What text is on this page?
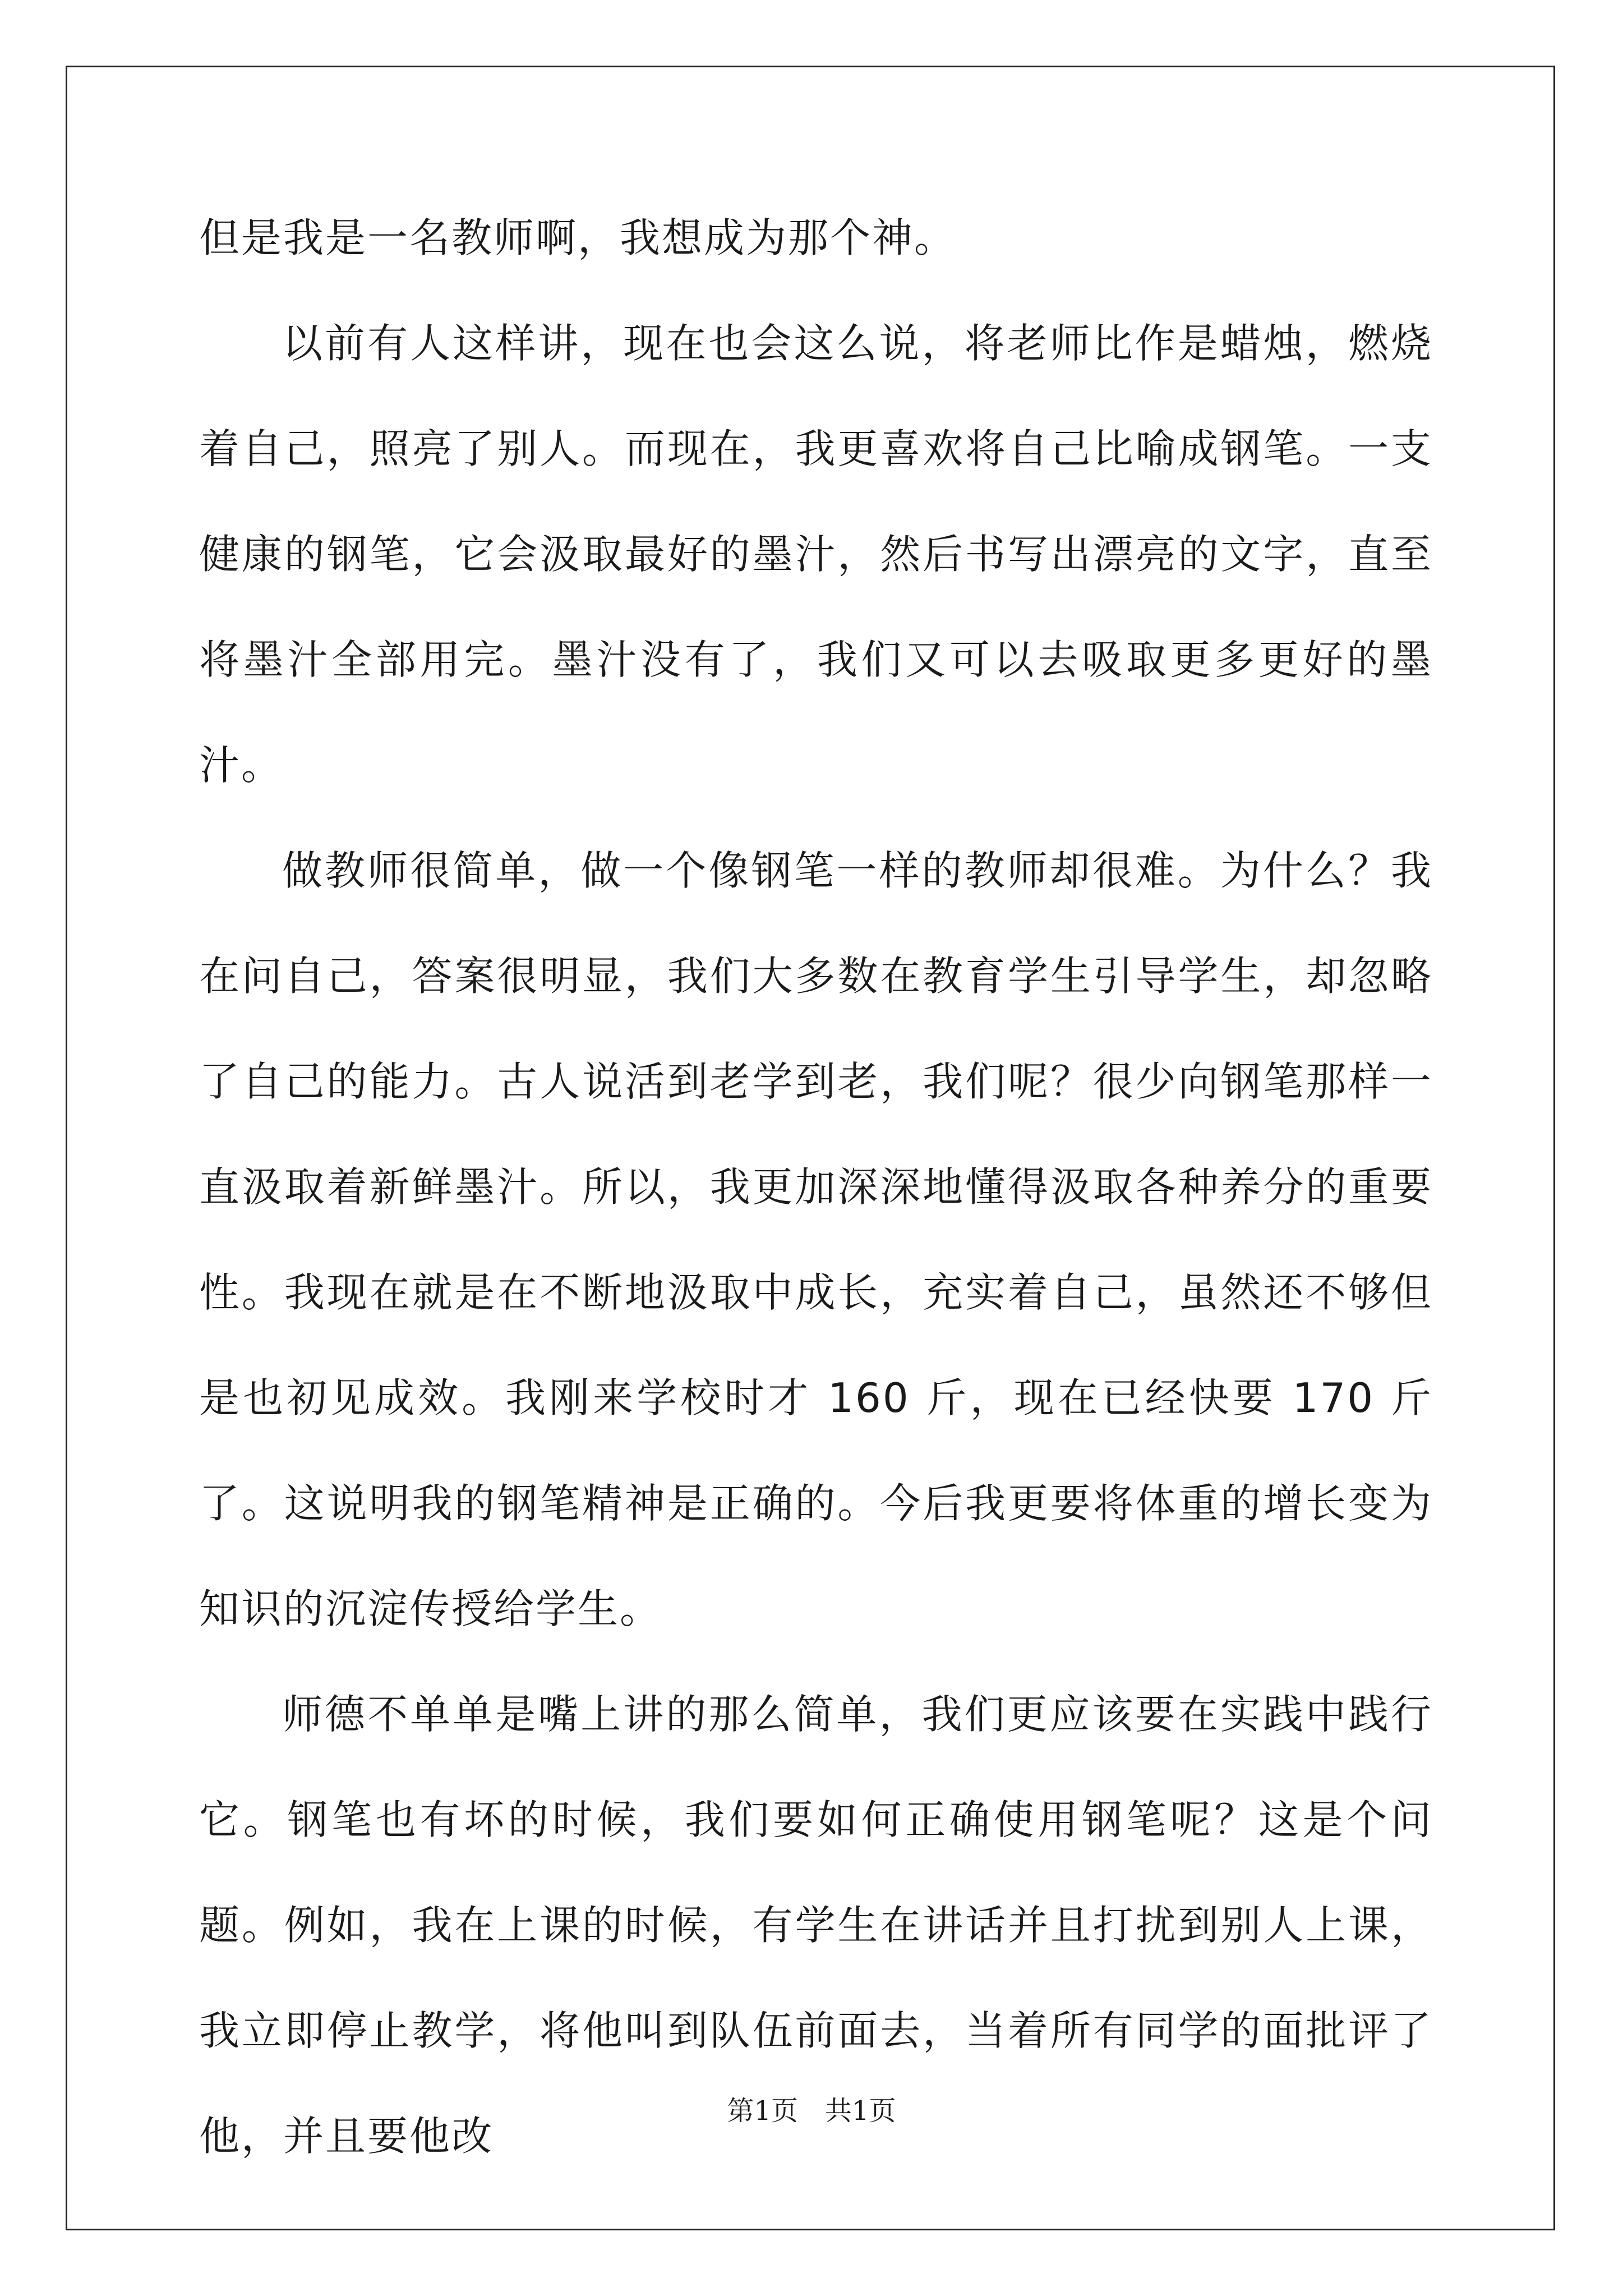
但是我是一名教师啊，我想成为那个神。

以前有人这样讲，现在也会这么说，将老师比作是蜡烛，燃烧着自己，照亮了别人。而现在，我更喜欢将自己比喻成钢笔。一支健康的钢笔，它会汲取最好的墨汁，然后书写出漂亮的文字，直至将墨汁全部用完。墨汁没有了，我们又可以去吸取更多更好的墨汁。

做教师很简单，做一个像钢笔一样的教师却很难。为什么？我在问自己，答案很明显，我们大多数在教育学生引导学生，却忽略了自己的能力。古人说活到老学到老，我们呢？很少向钢笔那样一直汲取着新鲜墨汁。所以，我更加深深地懂得汲取各种养分的重要性。我现在就是在不断地汲取中成长，充实着自己，虽然还不够但是也初见成效。我刚来学校时才 160 斤，现在已经快要 170 斤了。这说明我的钢笔精神是正确的。今后我更要将体重的增长变为知识的沉淀传授给学生。

师德不单单是嘴上讲的那么简单，我们更应该要在实践中践行它。钢笔也有坏的时候，我们要如何正确使用钢笔呢？这是个问题。例如，我在上课的时候，有学生在讲话并且打扰到别人上课，我立即停止教学，将他叫到队伍前面去，当着所有同学的面批评了他，并且要他改

第1页 共1页
